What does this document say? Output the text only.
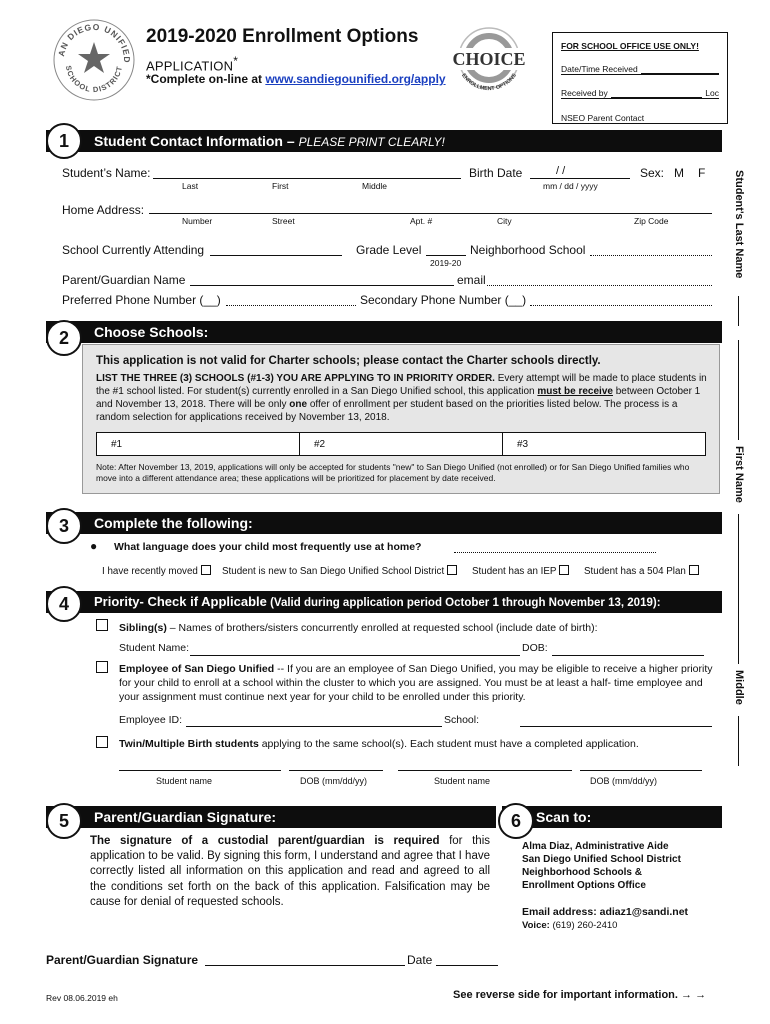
AN DIEGO UNIFIED
SCHOOL DISTRICT
2019-2020 Enrollment Options
APPLICATION*
*Complete on-line at www.sandiegounified.org/apply
CHOICE
ENROLLMENT OPTIONS
FOR SCHOOL OFFICE USE ONLY!
Date/Time Received
Received by	Loc
NSEO Parent Contact
Student Contact Information – PLEASE PRINT CLEARLY!
1
Student’s Name:
Last	First	Middle
Birth Date	/ /
mm / dd / yyyy
Sex: M F
Home Address:
Number	Street	Apt. #	City	Zip Code
School Currently Attending	Grade Level
2019-20
Neighborhood School
Parent/Guardian Name	email
Preferred Phone Number (__)	Secondary Phone Number (__)
Choose Schools:
2
This application is not valid for Charter schools; please contact the Charter schools directly.
LIST THE THREE (3) SCHOOLS (#1-3) YOU ARE APPLYING TO IN PRIORITY ORDER. Every attempt will be made to place students in the #1 school listed. For student(s) currently enrolled in a San Diego Unified school, this application must be receive between October 1 and November 13, 2018. There will be only one offer of enrollment per student based on the priorities listed below. The process is a random selection for applications received by November 13, 2018.
#1	#2	#3
Note: After November 13, 2019, applications will only be accepted for students "new" to San Diego Unified (not enrolled) or for San Diego Unified families who move into a different attendance area; these applications will be prioritized for placement by date received.
Complete the following:
3
● What language does your child most frequently use at home?
I have recently moved	Student is new to San Diego Unified School District	Student has an IEP	Student has a 504 Plan
Priority- Check if Applicable (Valid during application period October 1 through November 13, 2019):
4
Sibling(s) – Names of brothers/sisters concurrently enrolled at requested school (include date of birth):
Student Name:	DOB:
Employee of San Diego Unified -- If you are an employee of San Diego Unified, you may be eligible to receive a higher priority for your child to enroll at a school within the cluster to which you are assigned. You must be at least a half- time employee and your assignment must continue next year for your child to be enrolled under this priority.
Employee ID:	School:
Twin/Multiple Birth students applying to the same school(s). Each student must have a completed application.
Student name	DOB (mm/dd/yy)	Student name	DOB (mm/dd/yy)
Parent/Guardian Signature:
5	Scan to:
6
The signature of a custodial parent/guardian is required for this application to be valid. By signing this form, I understand and agree that I have correctly listed all information on this application and read and agreed to all the conditions set forth on the back of this application. Falsification may be cause for denial of requested schools.
Alma Diaz, Administrative Aide
San Diego Unified School District
Neighborhood Schools &
Enrollment Options Office
Email address: adiaz1@sandi.net
Voice: (619) 260-2410
Parent/Guardian Signature	Date
Rev 08.06.2019 eh	See reverse side for important information. → →
Student's Last Name
First Name
Middle
